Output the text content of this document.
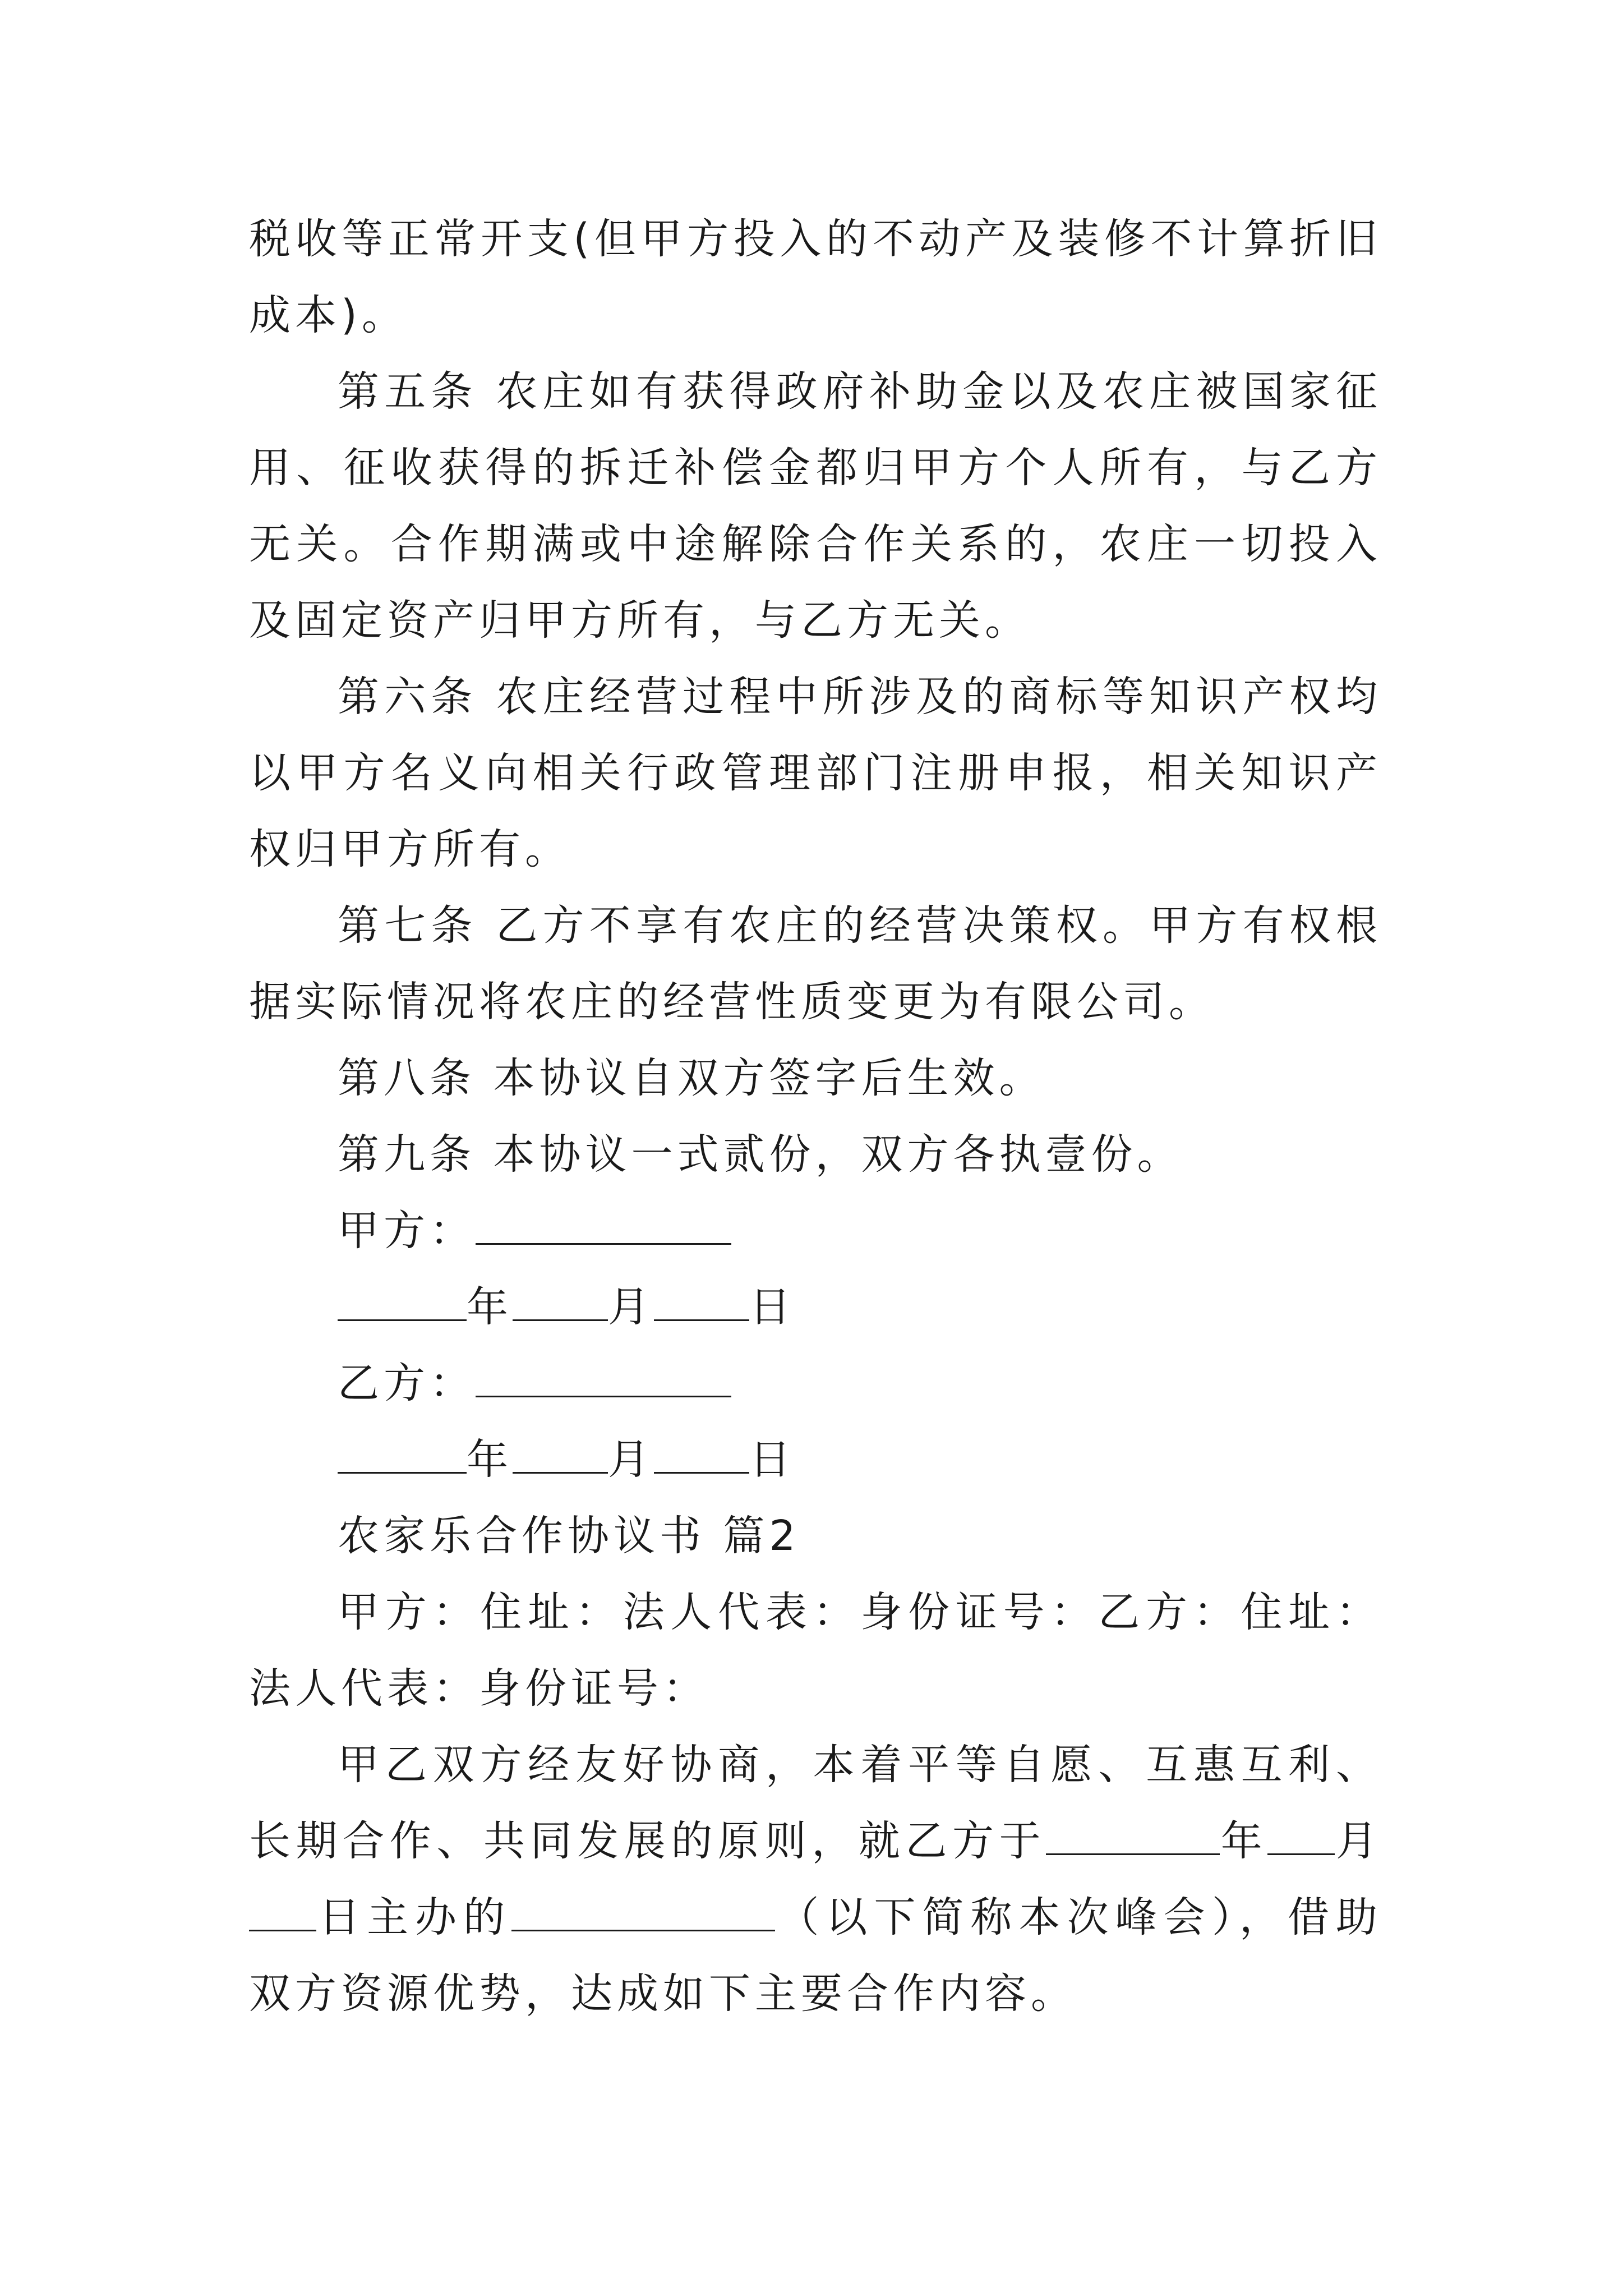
税收等正常开支(但甲方投入的不动产及装修不计算折旧成本)。

第五条 农庄如有获得政府补助金以及农庄被国家征用、征收获得的拆迁补偿金都归甲方个人所有，与乙方无关。合作期满或中途解除合作关系的，农庄一切投入及固定资产归甲方所有，与乙方无关。

第六条 农庄经营过程中所涉及的商标等知识产权均以甲方名义向相关行政管理部门注册申报，相关知识产权归甲方所有。

第七条 乙方不享有农庄的经营决策权。甲方有权根据实际情况将农庄的经营性质变更为有限公司。

第八条 本协议自双方签字后生效。

第九条 本协议一式贰份，双方各执壹份。

甲方：

年 月 日

乙方：

年 月 日

农家乐合作协议书 篇2

甲方：住址：法人代表：身份证号：乙方：住址：法人代表：身份证号：

甲乙双方经友好协商，本着平等自愿、互惠互利、长期合作、共同发展的原则，就乙方于	年 月日主办的	（以下简称本次峰会），借助双方资源优势，达成如下主要合作内容。
